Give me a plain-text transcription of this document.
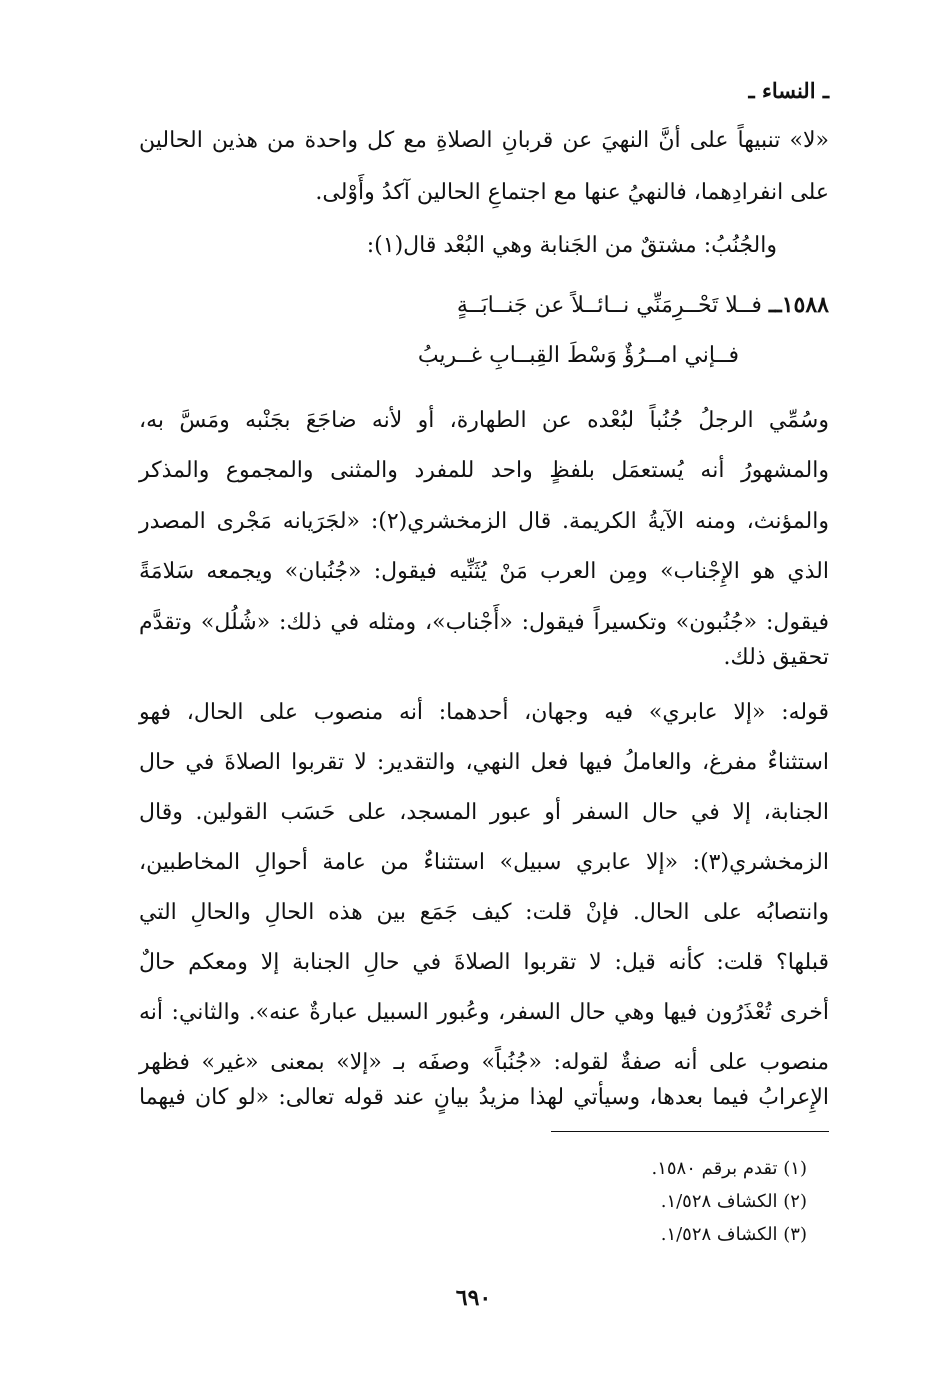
ـ النساء ـ
«لا» تنبيهاً على أنَّ النهيَ عن قربانِ الصلاةِ مع كل واحدة من هذين الحالين
على انفرادِهما، فالنهيُ عنها مع اجتماعِ الحالين آكدُ وأَوْلى.
والجُنُبُ: مشتقٌ من الجَنابة وهي البُعْد قال(١):
١٥٨٨ــ فــلا تَحْــرِمَنِّي نــائــلاً عن جَنــابَــةٍ
فــإني امــرُؤٌ وَسْطَ القِبــابِ غــريبُ
وسُمِّي الرجلُ جُنُباً لبُعْده عن الطهارة، أو لأنه ضاجَعَ بجَنْبه ومَسَّ به،
والمشهورُ أنه يُستعمَل بلفظٍ واحد للمفرد والمثنى والمجموع والمذكر
والمؤنث، ومنه الآيةُ الكريمة. قال الزمخشري(٢): «لجَرَيانه مَجْرى المصدر
الذي هو الإِجْناب» ومِن العرب مَنْ يُثَنِّيه فيقول: «جُنُبان» ويجمعه سَلامَةً
فيقول: «جُنُبون» وتكسيراً فيقول: «أَجْناب»، ومثله في ذلك: «شُلُل» وتقدَّم
تحقيق ذلك.
قوله: «إلا عابري» فيه وجهان، أحدهما: أنه منصوب على الحال، فهو
استثناءٌ مفرغ، والعاملُ فيها فعل النهي، والتقدير: لا تقربوا الصلاةَ في حال
الجنابة، إلا في حال السفر أو عبور المسجد، على حَسَب القولين. وقال
الزمخشري(٣): «إلا عابري سبيل» استثناءٌ من عامة أحوالِ المخاطبين،
وانتصابُه على الحال. فإنْ قلت: كيف جَمَع بين هذه الحالِ والحالِ التي
قبلها؟ قلت: كأنه قيل: لا تقربوا الصلاةَ في حالِ الجنابة إلا ومعكم حالٌ
أخرى تُعْذَرُون فيها وهي حال السفر، وعُبور السبيل عبارةٌ عنه». والثاني: أنه
منصوب على أنه صفةٌ لقوله: «جُنُباً» وصفَه بـ «إلا» بمعنى «غير» فظهر
الإِعرابُ فيما بعدها، وسيأتي لهذا مزيدُ بيانٍ عند قوله تعالى: «لو كان فيهما
(١) تقدم برقم ١٥٨٠.
(٢) الكشاف ١/٥٢٨.
(٣) الكشاف ١/٥٢٨.
٦٩٠
